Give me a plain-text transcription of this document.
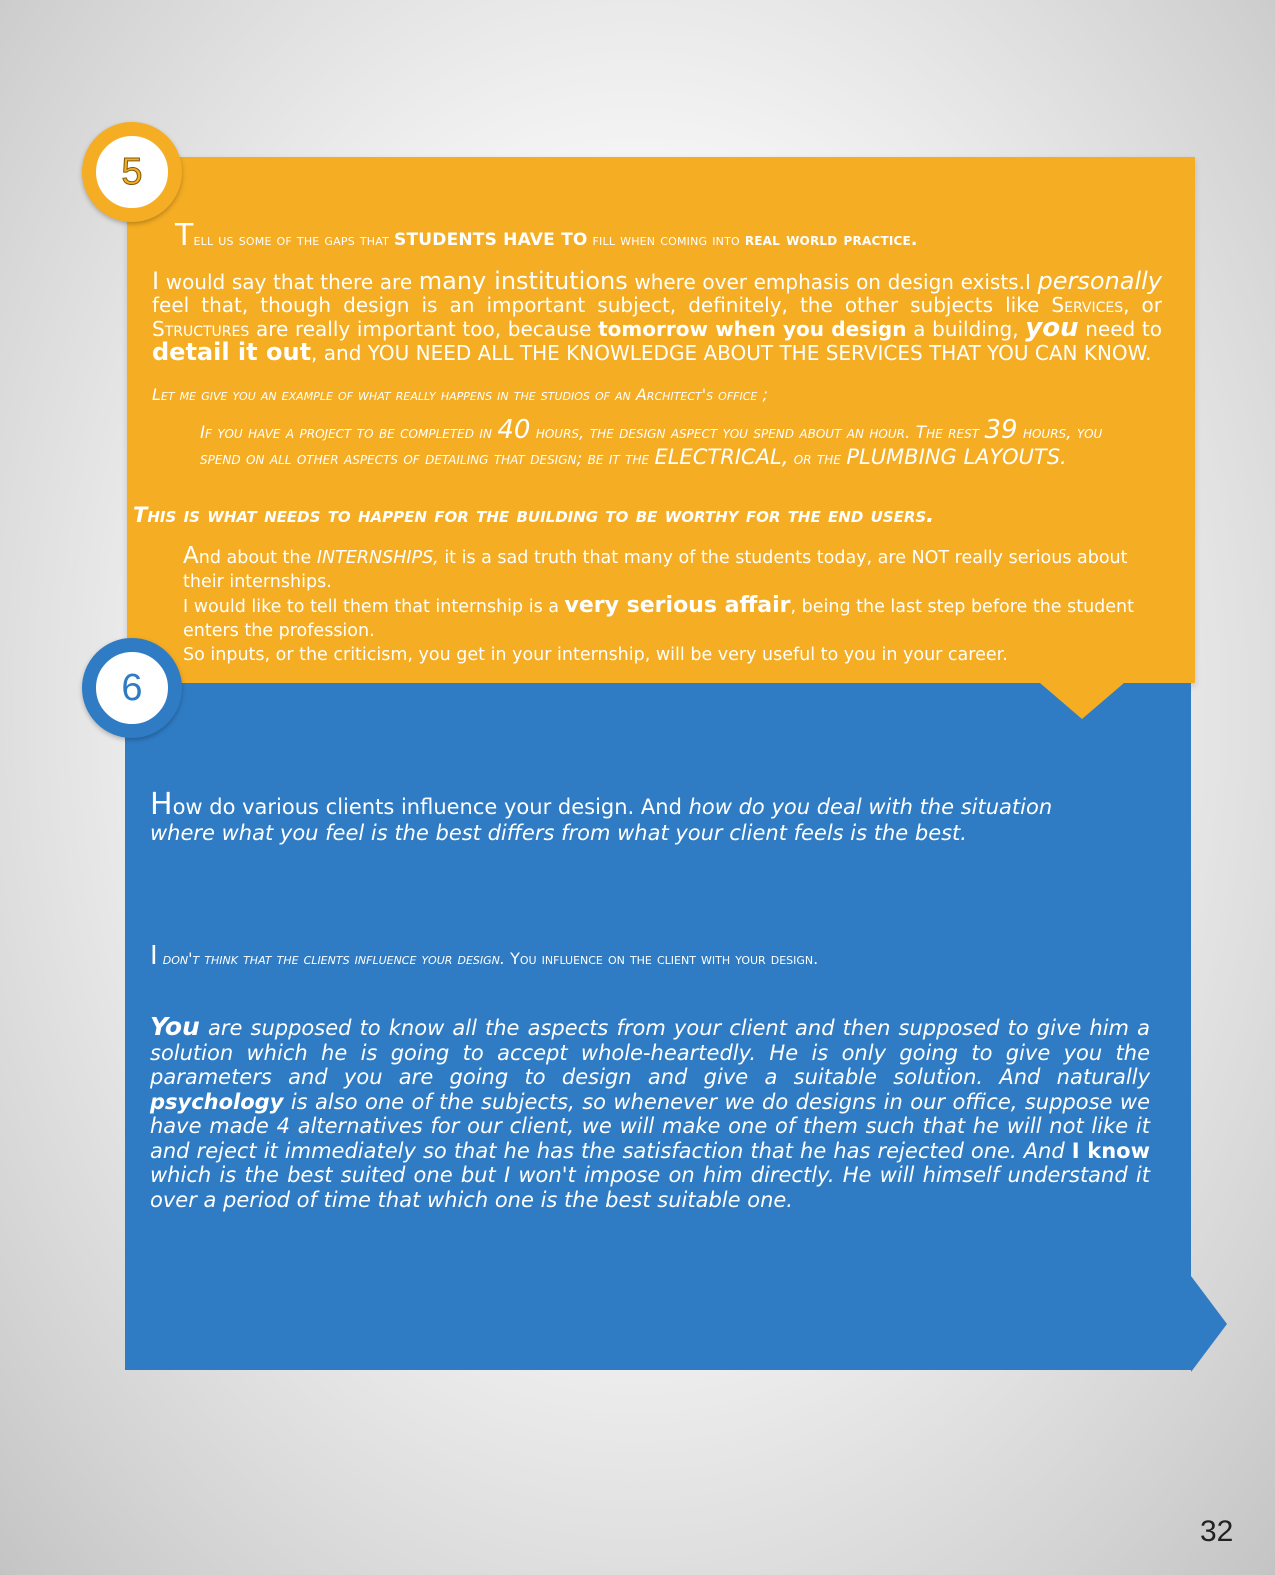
5
6
Tell us some of the gaps that STUDENTS HAVE TO fill when coming into real world practice.
I would say that there are many institutions where over emphasis on design exists.I personally feel that, though design is an important subject, definitely, the other subjects like Services, or Structures are really important too, because tomorrow when you design a building, you need to detail it out, and YOU NEED ALL THE KNOWLEDGE ABOUT THE SERVICES THAT YOU CAN KNOW.
Let me give you an example of what really happens in the studios of an Architect's office ;
If you have a project to be completed in 40 hours, the design aspect you spend about an hour. The rest 39 hours, you spend on all other aspects of detailing that design; be it the ELECTRICAL, or the PLUMBING LAYOUTS.
This is what needs to happen for the building to be worthy for the end users.

And about the INTERNSHIPS, it is a sad truth that many of the students today, are NOT really serious about their internships.

I would like to tell them that internship is a very serious affair, being the last step before the student enters the profession.

So inputs, or the criticism, you get in your internship, will be very useful to you in your career.

How do various clients influence your design. And how do you deal with the situation where what you feel is the best differs from what your client feels is the best.
I don't think that the clients influence your design. You influence on the client with your design.
You are supposed to know all the aspects from your client and then supposed to give him a solution which he is going to accept whole-heartedly. He is only going to give you the parameters and you are going to design and give a suitable solution. And naturally psychology is also one of the subjects, so whenever we do designs in our office, suppose we have made 4 alternatives for our client, we will make one of them such that he will not like it and reject it immediately so that he has the satisfaction that he has rejected one. And I know which is the best suited one but I won't impose on him directly. He will himself understand it over a period of time that which one is the best suitable one.
32
